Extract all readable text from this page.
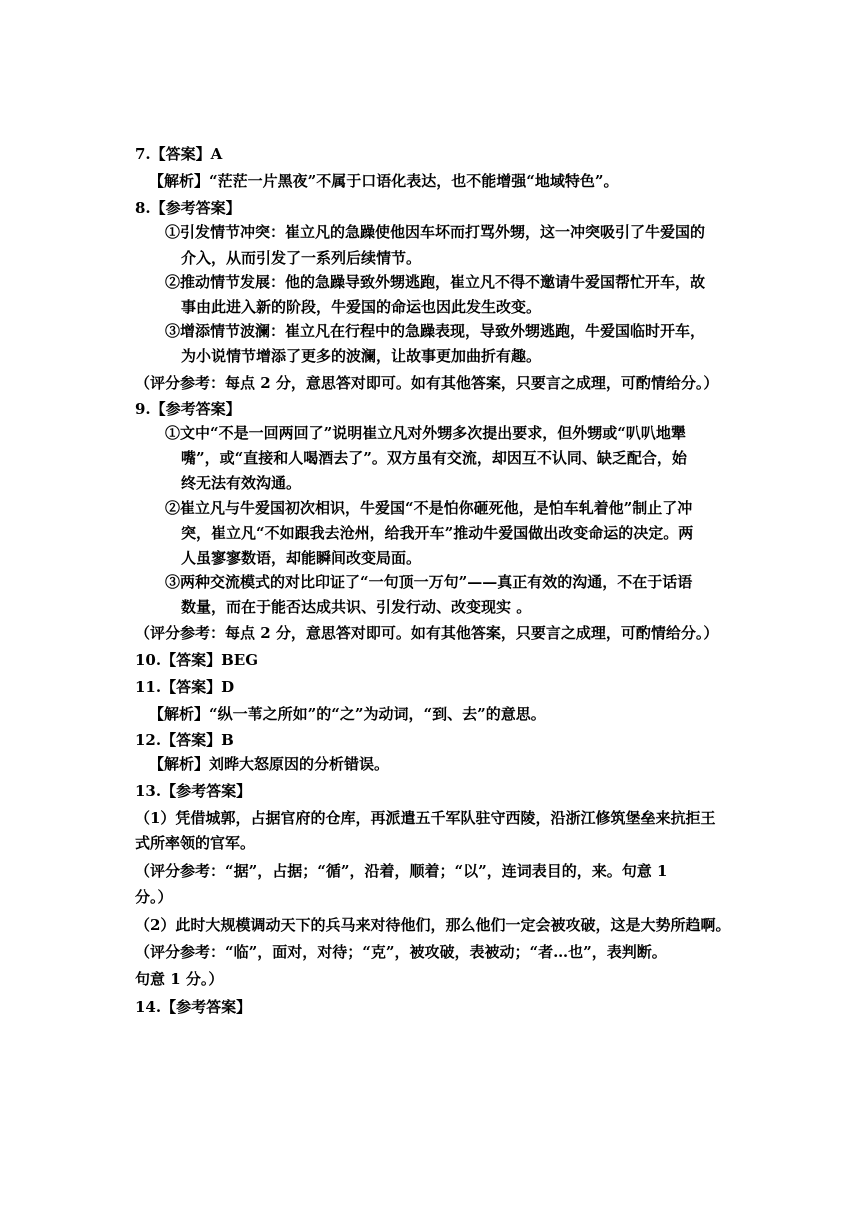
7.【答案】A
【解析】“茫茫一片黑夜”不属于口语化表达，也不能增强“地域特色”。
8.【参考答案】
①引发情节冲突：崔立凡的急躁使他因车坏而打骂外甥，这一冲突吸引了牛爱国的
介入，从而引发了一系列后续情节。
②推动情节发展：他的急躁导致外甥逃跑，崔立凡不得不邀请牛爱国帮忙开车，故
事由此进入新的阶段，牛爱国的命运也因此发生改变。
③增添情节波澜：崔立凡在行程中的急躁表现，导致外甥逃跑，牛爱国临时开车，
为小说情节增添了更多的波澜，让故事更加曲折有趣。
（评分参考：每点 2 分，意思答对即可。如有其他答案，只要言之成理，可酌情给分。）
9.【参考答案】
①文中“不是一回两回了”说明崔立凡对外甥多次提出要求，但外甥或“叭叭地犟
嘴”，或“直接和人喝酒去了”。双方虽有交流，却因互不认同、缺乏配合，始
终无法有效沟通。
②崔立凡与牛爱国初次相识，牛爱国“不是怕你砸死他，是怕车轧着他”制止了冲
突，崔立凡“不如跟我去沧州，给我开车”推动牛爱国做出改变命运的决定。两
人虽寥寥数语，却能瞬间改变局面。
③两种交流模式的对比印证了“一句顶一万句”——真正有效的沟通，不在于话语
数量，而在于能否达成共识、引发行动、改变现实 。
（评分参考：每点 2 分，意思答对即可。如有其他答案，只要言之成理，可酌情给分。）
10.【答案】BEG
11.【答案】D
【解析】“纵一苇之所如”的“之”为动词，“到、去”的意思。
12.【答案】B
【解析】刘晔大怒原因的分析错误。
13.【参考答案】
（1）凭借城郭，占据官府的仓库，再派遣五千军队驻守西陵，沿浙江修筑堡垒来抗拒王
式所率领的官军。
（评分参考：“据”，占据；“循”，沿着，顺着；“以”，连词表目的，来。句意 1
分。）
（2）此时大规模调动天下的兵马来对待他们，那么他们一定会被攻破，这是大势所趋啊。
（评分参考：“临”，面对，对待；“克”，被攻破，表被动；“者…也”，表判断。
句意 1 分。）
14.【参考答案】
